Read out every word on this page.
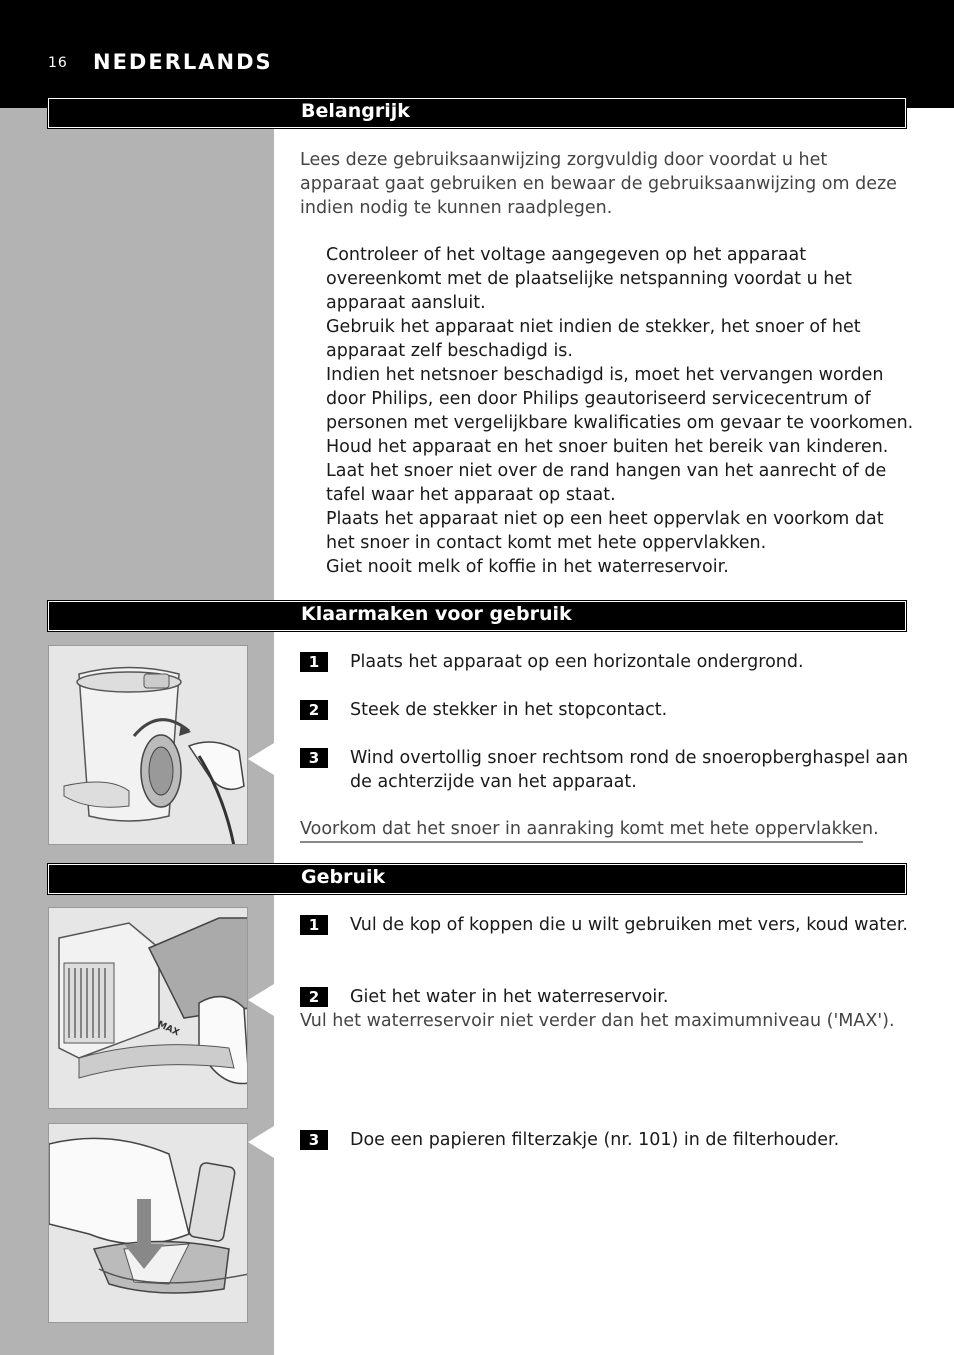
16 NEDERLANDS
Belangrijk
Lees deze gebruiksaanwijzing zorgvuldig door voordat u het apparaat gaat gebruiken en bewaar de gebruiksaanwijzing om deze indien nodig te kunnen raadplegen.
Controleer of het voltage aangegeven op het apparaat overeenkomt met de plaatselijke netspanning voordat u het apparaat aansluit.
Gebruik het apparaat niet indien de stekker, het snoer of het apparaat zelf beschadigd is.
Indien het netsnoer beschadigd is, moet het vervangen worden door Philips, een door Philips geautoriseerd servicecentrum of personen met vergelijkbare kwalificaties om gevaar te voorkomen.
Houd het apparaat en het snoer buiten het bereik van kinderen.
Laat het snoer niet over de rand hangen van het aanrecht of de tafel waar het apparaat op staat.
Plaats het apparaat niet op een heet oppervlak en voorkom dat het snoer in contact komt met hete oppervlakken.
Giet nooit melk of koffie in het waterreservoir.
Klaarmaken voor gebruik
1	Plaats het apparaat op een horizontale ondergrond.
2	Steek de stekker in het stopcontact.
3	Wind overtollig snoer rechtsom rond de snoeropberghaspel aan de achterzijde van het apparaat.
Voorkom dat het snoer in aanraking komt met hete oppervlakken.
Gebruik
MAX
1	Vul de kop of koppen die u wilt gebruiken met vers, koud water.
2	Giet het water in het waterreservoir.
Vul het waterreservoir niet verder dan het maximumniveau ('MAX').
3	Doe een papieren filterzakje (nr. 101) in de filterhouder.
